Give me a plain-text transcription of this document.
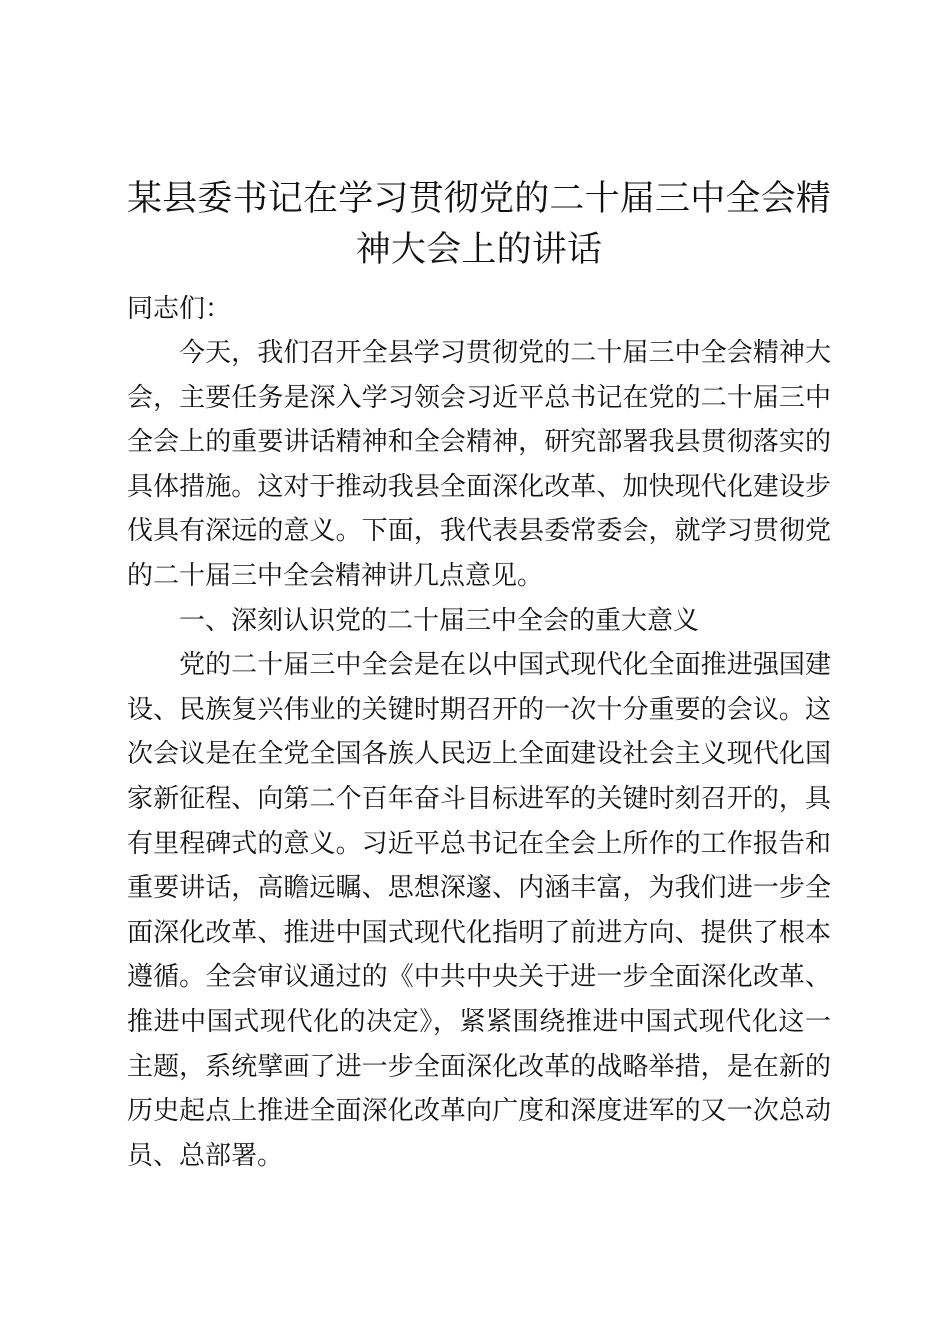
某县委书记在学习贯彻党的二十届三中全会精
神大会上的讲话

同志们：

今天，我们召开全县学习贯彻党的二十届三中全会精神大
会，主要任务是深入学习领会习近平总书记在党的二十届三中
全会上的重要讲话精神和全会精神，研究部署我县贯彻落实的
具体措施。这对于推动我县全面深化改革、加快现代化建设步
伐具有深远的意义。下面，我代表县委常委会，就学习贯彻党
的二十届三中全会精神讲几点意见。

一、深刻认识党的二十届三中全会的重大意义

党的二十届三中全会是在以中国式现代化全面推进强国建
设、民族复兴伟业的关键时期召开的一次十分重要的会议。这
次会议是在全党全国各族人民迈上全面建设社会主义现代化国
家新征程、向第二个百年奋斗目标进军的关键时刻召开的，具
有里程碑式的意义。习近平总书记在全会上所作的工作报告和
重要讲话，高瞻远瞩、思想深邃、内涵丰富，为我们进一步全
面深化改革、推进中国式现代化指明了前进方向、提供了根本
遵循。全会审议通过的《中共中央关于进一步全面深化改革、
推进中国式现代化的决定》，紧紧围绕推进中国式现代化这一
主题，系统擘画了进一步全面深化改革的战略举措，是在新的
历史起点上推进全面深化改革向广度和深度进军的又一次总动
员、总部署。
